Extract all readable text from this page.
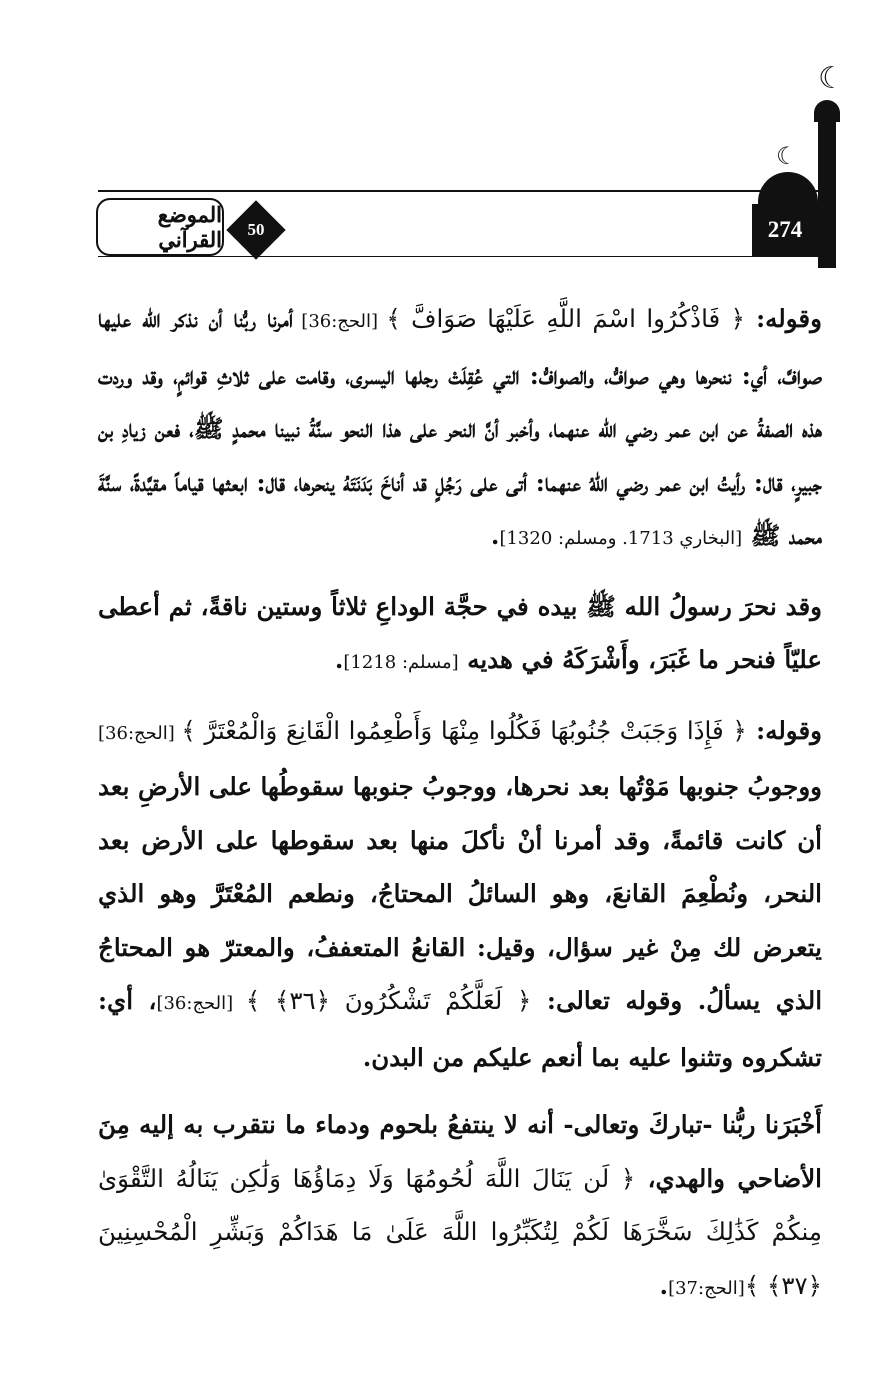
☾
☾
274
50
الموضع القرآني

وقوله: ﴿ فَاذْكُرُوا اسْمَ اللَّهِ عَلَيْهَا صَوَافَّ ﴾ [الحج:36] أمرنا ربُّنا أن نذكر الله عليها صوافَّ، أي: ننحرها وهي صوافُّ، والصوافُّ: التي عُقِلَتْ رجلها اليسرى، وقامت على ثلاثِ قوائمٍ، وقد وردت هذه الصفةُ عن ابن عمر رضي الله عنهما، وأخبر أنَّ النحر على هذا النحو سنَّةُ نبينا محمدٍ ﷺ، فعن زيادِ بن جبيرٍ، قال: رأيتُ ابن عمر رضي اللهُ عنهما: أتى على رَجُلٍ قد أناخَ بَدَنَتَهُ ينحرها، قال: ابعثها قياماً مقيَّدةً، سنَّةَ محمد ﷺ [البخاري 1713. ومسلم: 1320].

وقد نحرَ رسولُ الله ﷺ بيده في حجَّة الوداعِ ثلاثاً وستين ناقةً، ثم أعطى عليّاً فنحر ما غَبَرَ، وأَشْرَكَهُ في هديه [مسلم: 1218].

وقوله: ﴿ فَإِذَا وَجَبَتْ جُنُوبُهَا فَكُلُوا مِنْهَا وَأَطْعِمُوا الْقَانِعَ وَالْمُعْتَرَّ ﴾ [الحج:36] ووجوبُ جنوبها مَوْتُها بعد نحرها، ووجوبُ جنوبها سقوطُها على الأرضِ بعد أن كانت قائمةً، وقد أمرنا أنْ نأكلَ منها بعد سقوطها على الأرض بعد النحر، ونُطْعِمَ القانعَ، وهو السائلُ المحتاجُ، ونطعم المُعْتَرَّ وهو الذي يتعرض لك مِنْ غير سؤال، وقيل: القانعُ المتعففُ، والمعترّ هو المحتاجُ الذي يسألُ. وقوله تعالى: ﴿ لَعَلَّكُمْ تَشْكُرُونَ ﴿٣٦﴾ ﴾ [الحج:36]، أي: تشكروه وتثنوا عليه بما أنعم عليكم من البدن.

أَخْبَرَنا ربُّنا -تباركَ وتعالى- أنه لا ينتفعُ بلحوم ودماء ما نتقرب به إليه مِنَ الأضاحي والهدي، ﴿ لَن يَنَالَ اللَّهَ لُحُومُهَا وَلَا دِمَاؤُهَا وَلَٰكِن يَنَالُهُ التَّقْوَىٰ مِنكُمْ كَذَٰلِكَ سَخَّرَهَا لَكُمْ لِتُكَبِّرُوا اللَّهَ عَلَىٰ مَا هَدَاكُمْ وَبَشِّرِ الْمُحْسِنِينَ ﴿٣٧﴾ ﴾[الحج:37].
